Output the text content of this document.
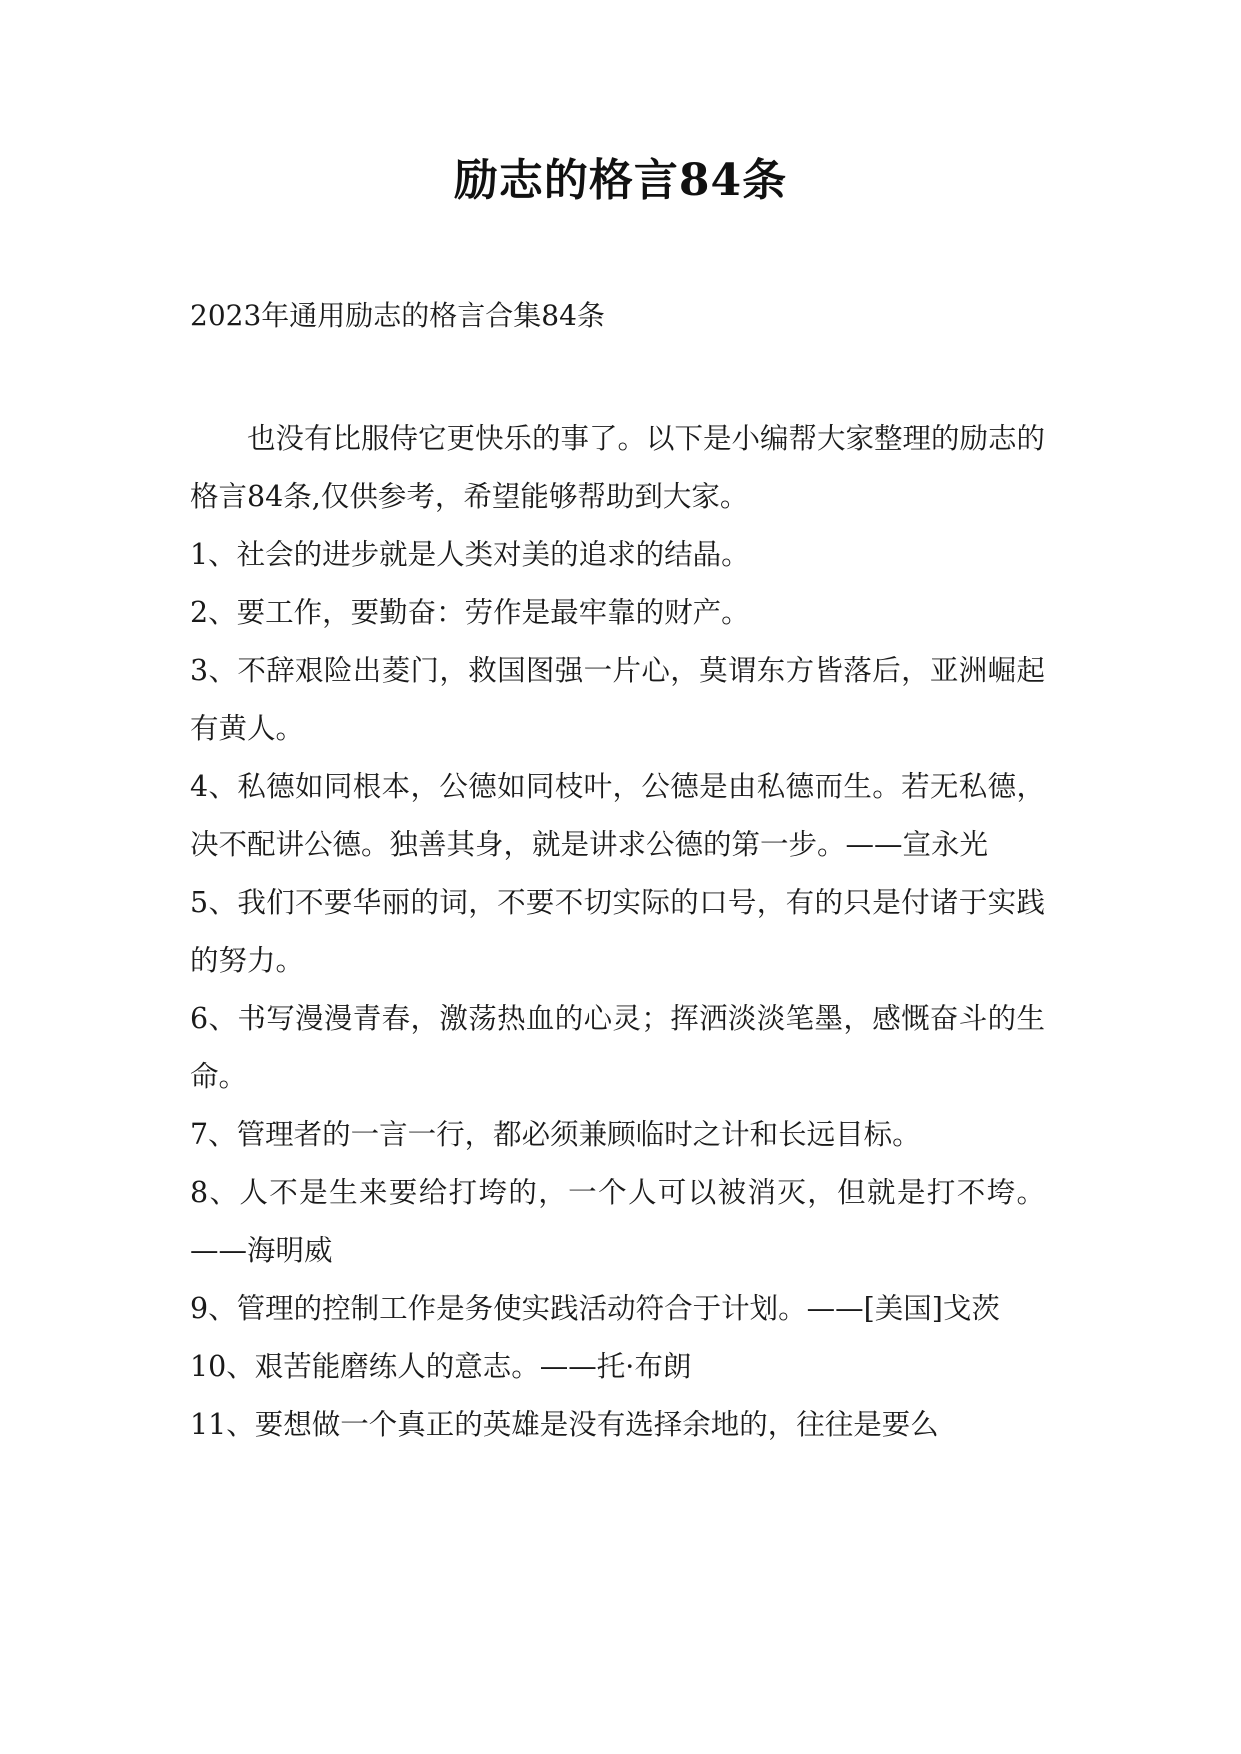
励志的格言84条
2023年通用励志的格言合集84条

也没有比服侍它更快乐的事了。以下是小编帮大家整理的励志的格言84条,仅供参考，希望能够帮助到大家。

1、社会的进步就是人类对美的追求的结晶。

2、要工作，要勤奋：劳作是最牢靠的财产。

3、不辞艰险出菱门，救国图强一片心，莫谓东方皆落后，亚洲崛起有黄人。

4、私德如同根本，公德如同枝叶，公德是由私德而生。若无私德，决不配讲公德。独善其身，就是讲求公德的第一步。——宣永光

5、我们不要华丽的词，不要不切实际的口号，有的只是付诸于实践的努力。

6、书写漫漫青春，激荡热血的心灵；挥洒淡淡笔墨，感慨奋斗的生命。

7、管理者的一言一行，都必须兼顾临时之计和长远目标。

8、人不是生来要给打垮的，一个人可以被消灭，但就是打不垮。——海明威

9、管理的控制工作是务使实践活动符合于计划。——[美国]戈茨

10、艰苦能磨练人的意志。——托·布朗

11、要想做一个真正的英雄是没有选择余地的，往往是要么
